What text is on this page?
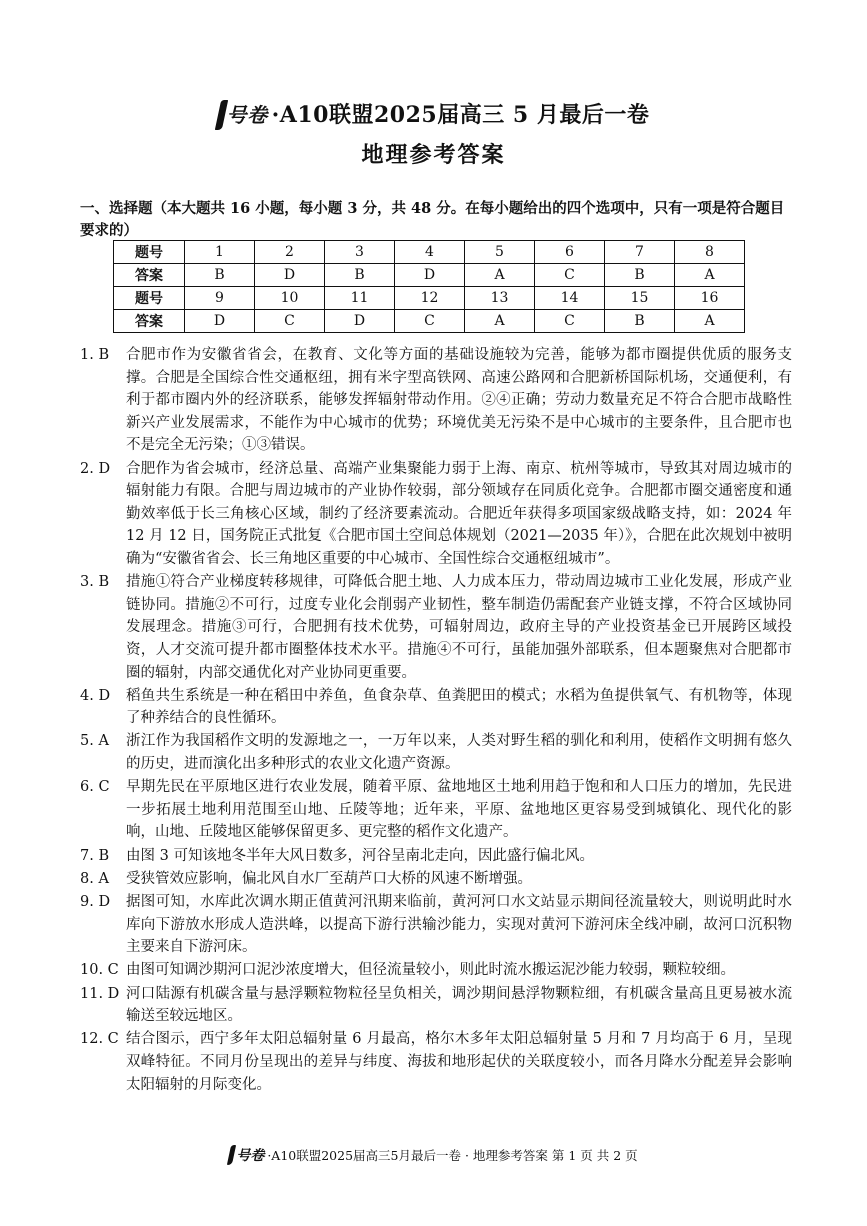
号卷 ·A10联盟2025届高三 5 月最后一卷
地理参考答案
一、选择题（本大题共 16 小题，每小题 3 分，共 48 分。在每小题给出的四个选项中，只有一项是符合题目要求的）
题号	1	2	3	4	5	6	7	8
答案	B	D	B	D	A	C	B	A
题号	9	10	11	12	13	14	15	16
答案	D	C	D	C	A	C	B	A
1. B	合肥市作为安徽省省会，在教育、文化等方面的基础设施较为完善，能够为都市圈提供优质的服务支撑。合肥是全国综合性交通枢纽，拥有米字型高铁网、高速公路网和合肥新桥国际机场，交通便利，有利于都市圈内外的经济联系，能够发挥辐射带动作用。②④正确；劳动力数量充足不符合合肥市战略性新兴产业发展需求，不能作为中心城市的优势；环境优美无污染不是中心城市的主要条件，且合肥市也不是完全无污染；①③错误。
2. D	合肥作为省会城市，经济总量、高端产业集聚能力弱于上海、南京、杭州等城市，导致其对周边城市的辐射能力有限。合肥与周边城市的产业协作较弱，部分领域存在同质化竞争。合肥都市圈交通密度和通勤效率低于长三角核心区域，制约了经济要素流动。合肥近年获得多项国家级战略支持，如：2024 年 12 月 12 日，国务院正式批复《合肥市国土空间总体规划（2021—2035 年）》，合肥在此次规划中被明确为“安徽省省会、长三角地区重要的中心城市、全国性综合交通枢纽城市”。
3. B	措施①符合产业梯度转移规律，可降低合肥土地、人力成本压力，带动周边城市工业化发展，形成产业链协同。措施②不可行，过度专业化会削弱产业韧性，整车制造仍需配套产业链支撑，不符合区域协同发展理念。措施③可行，合肥拥有技术优势，可辐射周边，政府主导的产业投资基金已开展跨区域投资，人才交流可提升都市圈整体技术水平。措施④不可行，虽能加强外部联系，但本题聚焦对合肥都市圈的辐射，内部交通优化对产业协同更重要。
4. D	稻鱼共生系统是一种在稻田中养鱼，鱼食杂草、鱼粪肥田的模式；水稻为鱼提供氧气、有机物等，体现了种养结合的良性循环。
5. A	浙江作为我国稻作文明的发源地之一，一万年以来，人类对野生稻的驯化和利用，使稻作文明拥有悠久的历史，进而演化出多种形式的农业文化遗产资源。
6. C	早期先民在平原地区进行农业发展，随着平原、盆地地区土地利用趋于饱和和人口压力的增加，先民进一步拓展土地利用范围至山地、丘陵等地；近年来，平原、盆地地区更容易受到城镇化、现代化的影响，山地、丘陵地区能够保留更多、更完整的稻作文化遗产。
7. B	由图 3 可知该地冬半年大风日数多，河谷呈南北走向，因此盛行偏北风。
8. A	受狭管效应影响，偏北风自水厂至葫芦口大桥的风速不断增强。
9. D	据图可知，水库此次调水期正值黄河汛期来临前，黄河河口水文站显示期间径流量较大，则说明此时水库向下游放水形成人造洪峰，以提高下游行洪输沙能力，实现对黄河下游河床全线冲刷，故河口沉积物主要来自下游河床。
10. C 由图可知调沙期河口泥沙浓度增大，但径流量较小，则此时流水搬运泥沙能力较弱，颗粒较细。
11. D 河口陆源有机碳含量与悬浮颗粒物粒径呈负相关，调沙期间悬浮物颗粒细，有机碳含量高且更易被水流输送至较远地区。
12. C 结合图示，西宁多年太阳总辐射量 6 月最高，格尔木多年太阳总辐射量 5 月和 7 月均高于 6 月，呈现双峰特征。不同月份呈现出的差异与纬度、海拔和地形起伏的关联度较小，而各月降水分配差异会影响太阳辐射的月际变化。
号卷 ·A10联盟2025届高三5月最后一卷 · 地理参考答案 第 1 页 共 2 页
